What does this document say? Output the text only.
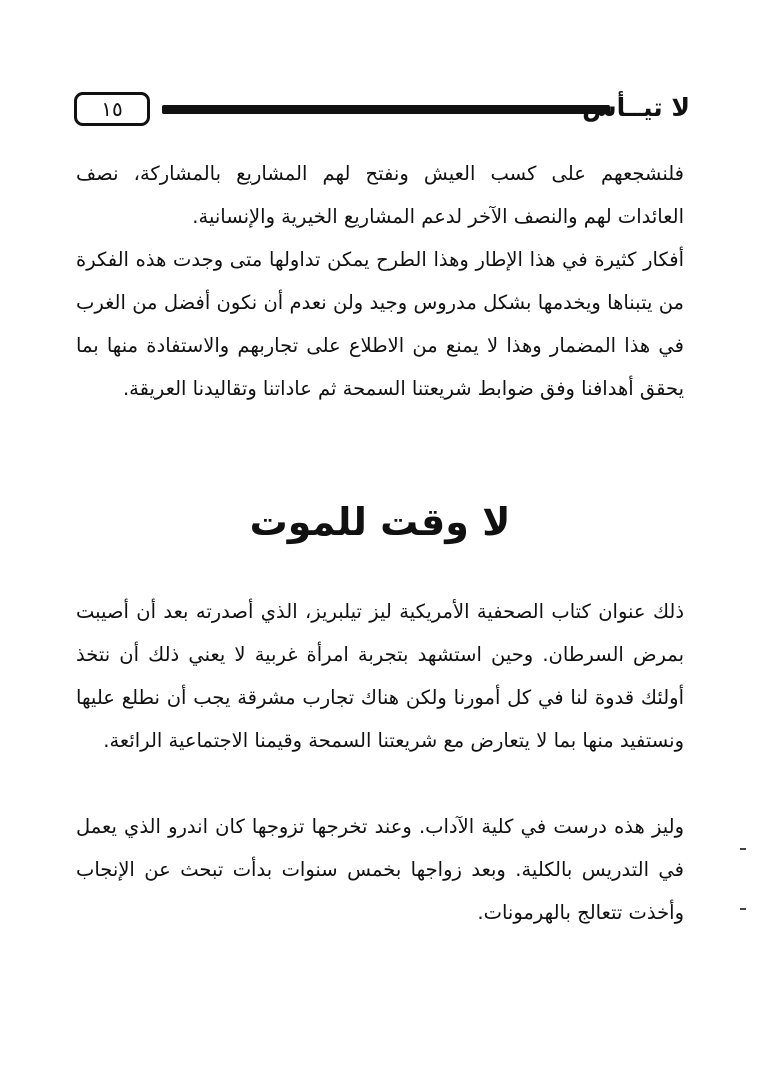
١٥	لا تيــأس

فلنشجعهم على كسب العيش ونفتح لهم المشاريع بالمشاركة، نصف العائدات لهم والنصف الآخر لدعم المشاريع الخيرية والإنسانية.

أفكار كثيرة في هذا الإطار وهذا الطرح يمكن تداولها متى وجدت هذه الفكرة من يتبناها ويخدمها بشكل مدروس وجيد ولن نعدم أن نكون أفضل من الغرب في هذا المضمار وهذا لا يمنع من الاطلاع على تجاربهم والاستفادة منها بما يحقق أهدافنا وفق ضوابط شريعتنا السمحة ثم عاداتنا وتقاليدنا العريقة.

لا وقت للموت

ذلك عنوان كتاب الصحفية الأمريكية ليز تيلبريز، الذي أصدرته بعد أن أصيبت بمرض السرطان. وحين استشهد بتجربة امرأة غربية لا يعني ذلك أن نتخذ أولئك قدوة لنا في كل أمورنا ولكن هناك تجارب مشرقة يجب أن نطلع عليها ونستفيد منها بما لا يتعارض مع شريعتنا السمحة وقيمنا الاجتماعية الرائعة.

وليز هذه درست في كلية الآداب. وعند تخرجها تزوجها كان اندرو الذي يعمل في التدريس بالكلية. وبعد زواجها بخمس سنوات بدأت تبحث عن الإنجاب وأخذت تتعالج بالهرمونات.
